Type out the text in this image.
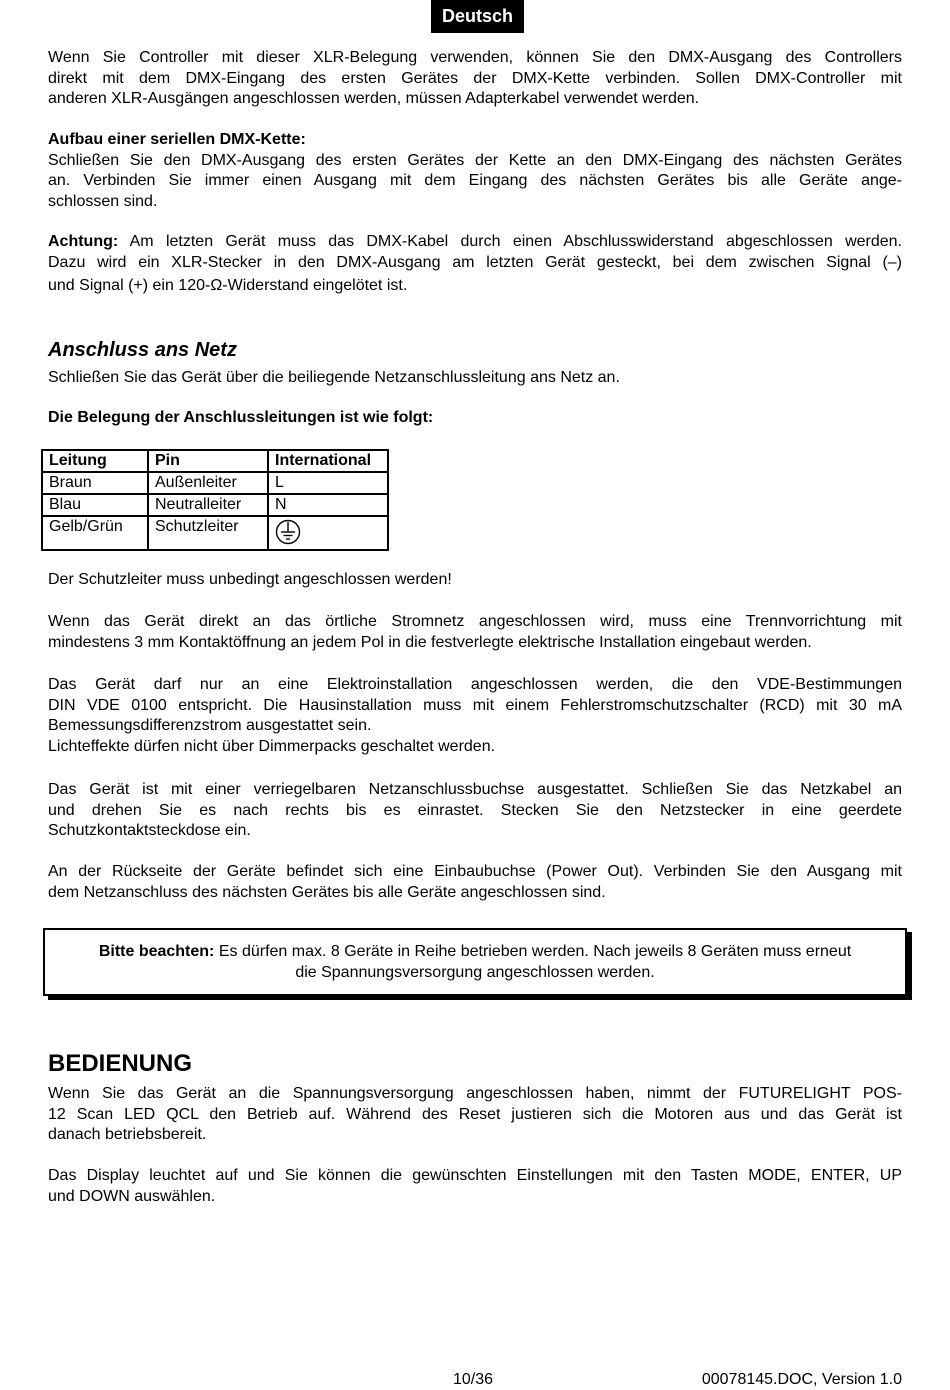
Deutsch
Wenn Sie Controller mit dieser XLR-Belegung verwenden, können Sie den DMX-Ausgang des Controllers
direkt mit dem DMX-Eingang des ersten Gerätes der DMX-Kette verbinden. Sollen DMX-Controller mit
anderen XLR-Ausgängen angeschlossen werden, müssen Adapterkabel verwendet werden.
Aufbau einer seriellen DMX-Kette:
Schließen Sie den DMX-Ausgang des ersten Gerätes der Kette an den DMX-Eingang des nächsten Gerätes
an. Verbinden Sie immer einen Ausgang mit dem Eingang des nächsten Gerätes bis alle Geräte ange-
schlossen sind.
Achtung: Am letzten Gerät muss das DMX-Kabel durch einen Abschlusswiderstand abgeschlossen werden.
Dazu wird ein XLR-Stecker in den DMX-Ausgang am letzten Gerät gesteckt, bei dem zwischen Signal (–)
und Signal (+) ein 120-Ω-Widerstand eingelötet ist.
Anschluss ans Netz
Schließen Sie das Gerät über die beiliegende Netzanschlussleitung ans Netz an.
Die Belegung der Anschlussleitungen ist wie folgt:
Leitung	Pin	International
Braun	Außenleiter	L
Blau	Neutralleiter	N
Gelb/Grün	Schutzleiter	
Der Schutzleiter muss unbedingt angeschlossen werden!
Wenn das Gerät direkt an das örtliche Stromnetz angeschlossen wird, muss eine Trennvorrichtung mit
mindestens 3 mm Kontaktöffnung an jedem Pol in die festverlegte elektrische Installation eingebaut werden.
Das Gerät darf nur an eine Elektroinstallation angeschlossen werden, die den VDE-Bestimmungen
DIN VDE 0100 entspricht. Die Hausinstallation muss mit einem Fehlerstromschutzschalter (RCD) mit 30 mA
Bemessungsdifferenzstrom ausgestattet sein.
Lichteffekte dürfen nicht über Dimmerpacks geschaltet werden.
Das Gerät ist mit einer verriegelbaren Netzanschlussbuchse ausgestattet. Schließen Sie das Netzkabel an
und drehen Sie es nach rechts bis es einrastet. Stecken Sie den Netzstecker in eine geerdete
Schutzkontaktsteckdose ein.
An der Rückseite der Geräte befindet sich eine Einbaubuchse (Power Out). Verbinden Sie den Ausgang mit
dem Netzanschluss des nächsten Gerätes bis alle Geräte angeschlossen sind.
Bitte beachten: Es dürfen max. 8 Geräte in Reihe betrieben werden. Nach jeweils 8 Geräten muss erneut
die Spannungsversorgung angeschlossen werden.
BEDIENUNG
Wenn Sie das Gerät an die Spannungsversorgung angeschlossen haben, nimmt der FUTURELIGHT POS-
12 Scan LED QCL den Betrieb auf. Während des Reset justieren sich die Motoren aus und das Gerät ist
danach betriebsbereit.
Das Display leuchtet auf und Sie können die gewünschten Einstellungen mit den Tasten MODE, ENTER, UP
und DOWN auswählen.
10/36	00078145.DOC, Version 1.0
